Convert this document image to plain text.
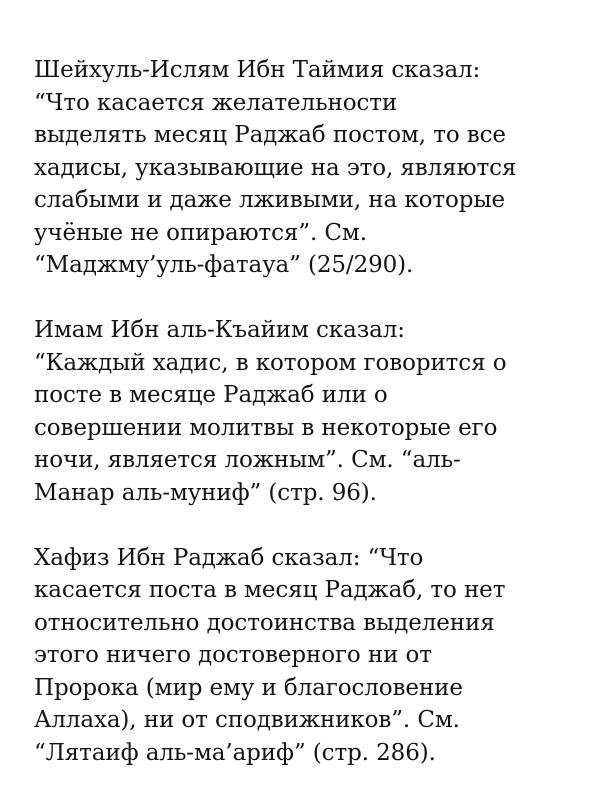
Шейхуль-Ислям Ибн Таймия сказал:
“Что касается желательности
выделять месяц Раджаб постом, то все
хадисы, указывающие на это, являются
слабыми и даже лживыми, на которые
учёные не опираются”. См.
“Маджму’уль-фатауа” (25/290).

Имам Ибн аль-Къайим сказал:
“Каждый хадис, в котором говорится о
посте в месяце Раджаб или о
совершении молитвы в некоторые его
ночи, является ложным”. См. “аль-
Манар аль-муниф” (стр. 96).

Хафиз Ибн Раджаб сказал: “Что
касается поста в месяц Раджаб, то нет
относительно достоинства выделения
этого ничего достоверного ни от
Пророка (мир ему и благословение
Аллаха), ни от сподвижников”. См.
“Лятаиф аль-ма’ариф” (стр. 286).
